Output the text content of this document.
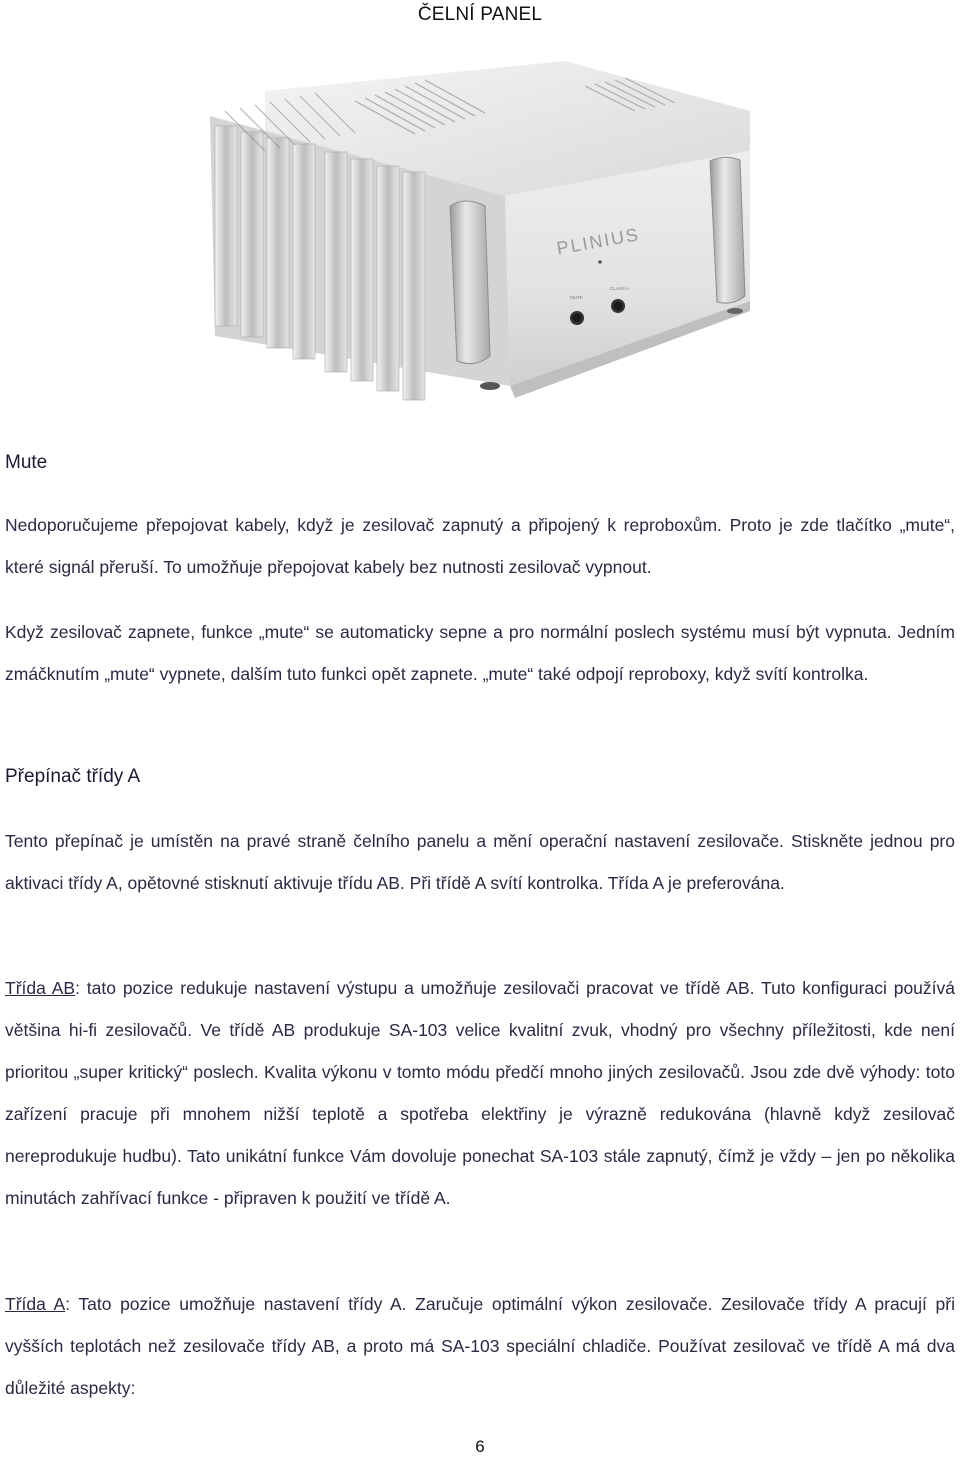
ČELNÍ PANEL
PLINIUS
MUTE
CLASS A
Mute

Nedoporučujeme přepojovat kabely, když je zesilovač zapnutý a připojený k reproboxům. Proto je zde tlačítko „mute“, které signál přeruší. To umožňuje přepojovat kabely bez nutnosti zesilovač vypnout.

Když zesilovač zapnete, funkce „mute“ se automaticky sepne a pro normální poslech systému musí být vypnuta. Jedním zmáčknutím „mute“ vypnete, dalším tuto funkci opět zapnete. „mute“ také odpojí reproboxy, když svítí kontrolka.

Přepínač třídy A

Tento přepínač je umístěn na pravé straně čelního panelu a mění operační nastavení zesilovače. Stiskněte jednou pro aktivaci třídy A, opětovné stisknutí aktivuje třídu AB. Při třídě A svítí kontrolka. Třída A je preferována.

Třída AB: tato pozice redukuje nastavení výstupu a umožňuje zesilovači pracovat ve třídě AB. Tuto konfiguraci používá většina hi-fi zesilovačů. Ve třídě AB produkuje SA-103 velice kvalitní zvuk, vhodný pro všechny příležitosti, kde není prioritou „super kritický“ poslech. Kvalita výkonu v tomto módu předčí mnoho jiných zesilovačů. Jsou zde dvě výhody: toto zařízení pracuje při mnohem nižší teplotě a spotřeba elektřiny je výrazně redukována (hlavně když zesilovač nereprodukuje hudbu). Tato unikátní funkce Vám dovoluje ponechat SA-103 stále zapnutý, čímž je vždy – jen po několika minutách zahřívací funkce - připraven k použití ve třídě A.

Třída A: Tato pozice umožňuje nastavení třídy A. Zaručuje optimální výkon zesilovače. Zesilovače třídy A pracují při vyšších teplotách než zesilovače třídy AB, a proto má SA-103 speciální chladiče. Používat zesilovač ve třídě A má dva důležité aspekty:

6
